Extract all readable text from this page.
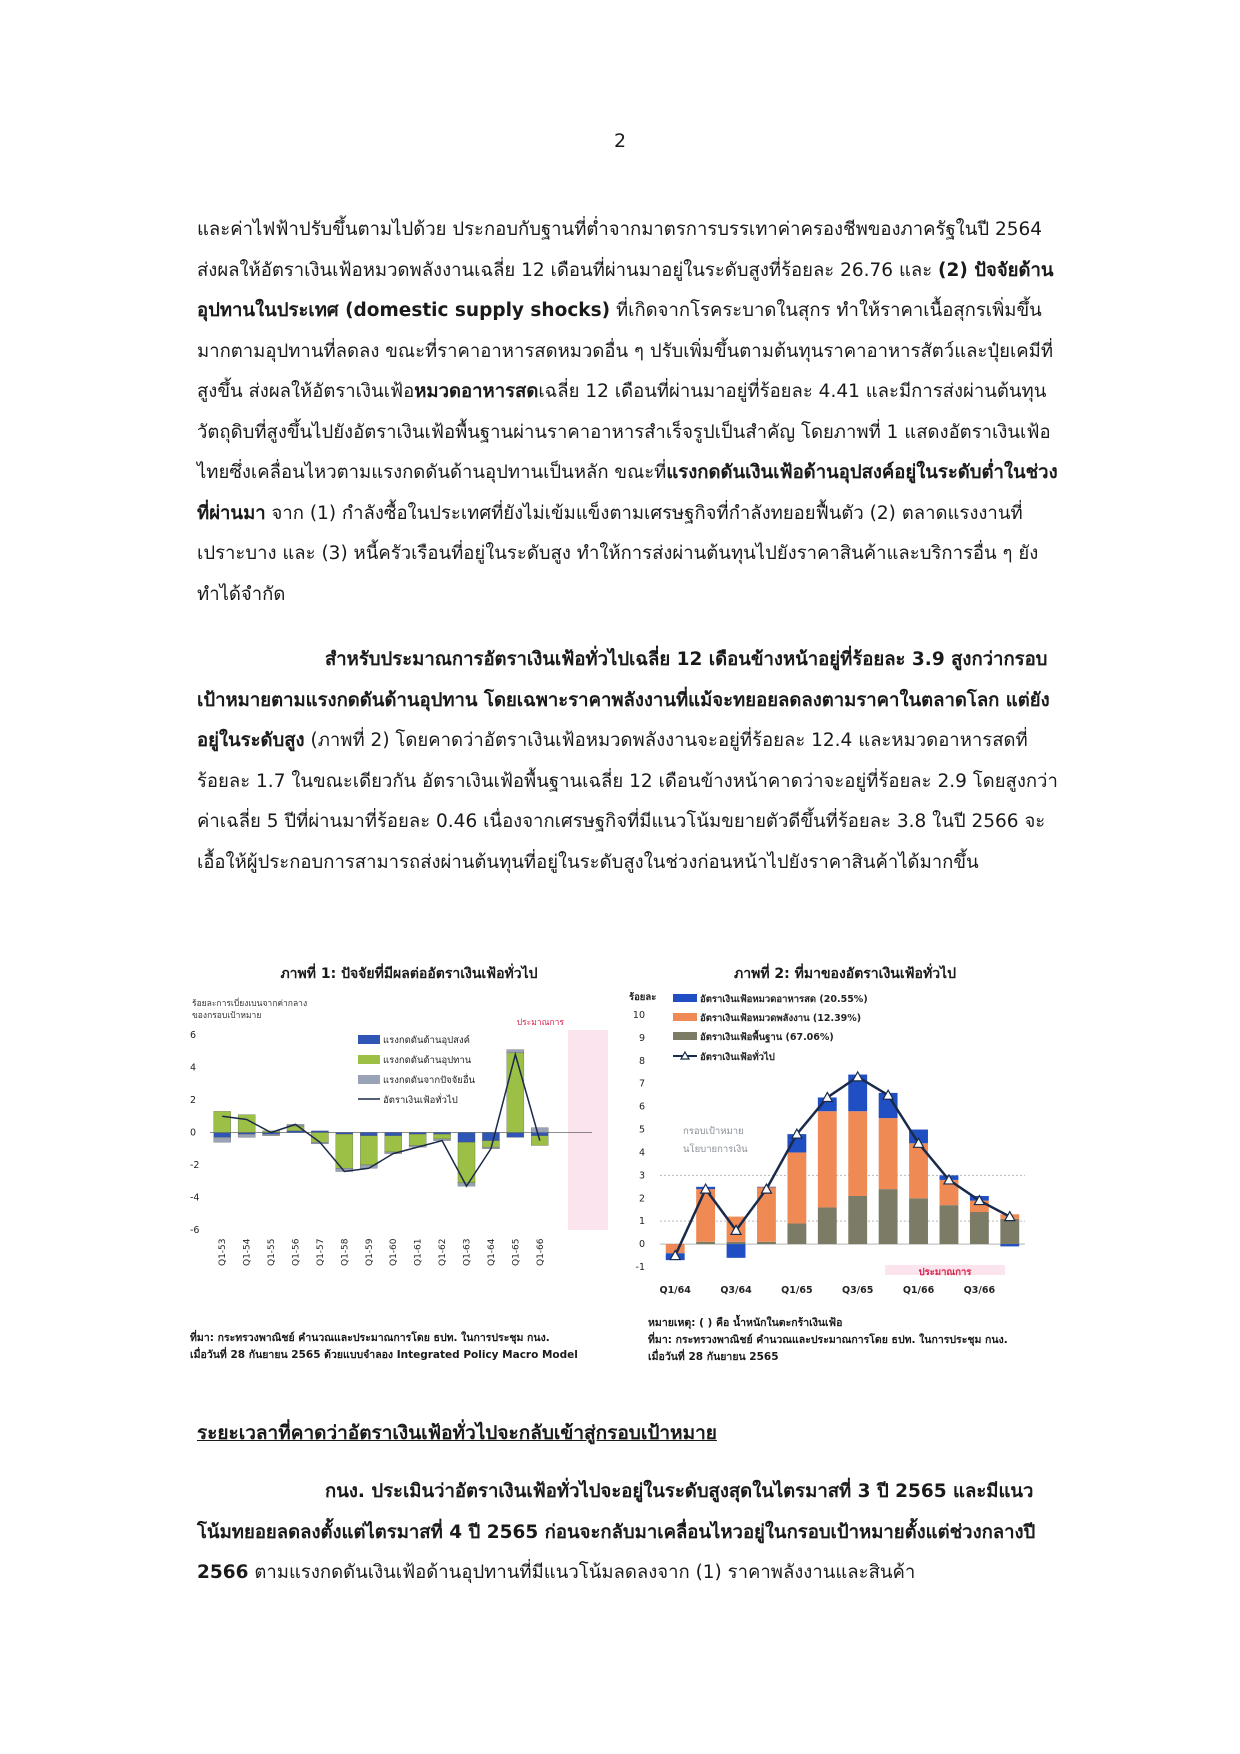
2
และค่าไฟฟ้าปรับขึ้นตามไปด้วย ประกอบกับฐานที่ต่ำจากมาตรการบรรเทาค่าครองชีพของภาครัฐในปี 2564 ส่งผลให้อัตราเงินเฟ้อหมวดพลังงานเฉลี่ย 12 เดือนที่ผ่านมาอยู่ในระดับสูงที่ร้อยละ 26.76 และ (2) ปัจจัยด้านอุปทานในประเทศ (domestic supply shocks) ที่เกิดจากโรคระบาดในสุกร ทำให้ราคาเนื้อสุกรเพิ่มขึ้นมากตามอุปทานที่ลดลง ขณะที่ราคาอาหารสดหมวดอื่น ๆ ปรับเพิ่มขึ้นตามต้นทุนราคาอาหารสัตว์และปุ๋ยเคมีที่สูงขึ้น ส่งผลให้อัตราเงินเฟ้อหมวดอาหารสดเฉลี่ย 12 เดือนที่ผ่านมาอยู่ที่ร้อยละ 4.41 และมีการส่งผ่านต้นทุนวัตถุดิบที่สูงขึ้นไปยังอัตราเงินเฟ้อพื้นฐานผ่านราคาอาหารสำเร็จรูปเป็นสำคัญ โดยภาพที่ 1 แสดงอัตราเงินเฟ้อไทยซึ่งเคลื่อนไหวตามแรงกดดันด้านอุปทานเป็นหลัก ขณะที่แรงกดดันเงินเฟ้อด้านอุปสงค์อยู่ในระดับต่ำในช่วงที่ผ่านมา จาก (1) กำลังซื้อในประเทศที่ยังไม่เข้มแข็งตามเศรษฐกิจที่กำลังทยอยฟื้นตัว (2) ตลาดแรงงานที่เปราะบาง และ (3) หนี้ครัวเรือนที่อยู่ในระดับสูง ทำให้การส่งผ่านต้นทุนไปยังราคาสินค้าและบริการอื่น ๆ ยังทำได้จำกัด
สำหรับประมาณการอัตราเงินเฟ้อทั่วไปเฉลี่ย 12 เดือนข้างหน้าอยู่ที่ร้อยละ 3.9 สูงกว่ากรอบเป้าหมายตามแรงกดดันด้านอุปทาน โดยเฉพาะราคาพลังงานที่แม้จะทยอยลดลงตามราคาในตลาดโลก แต่ยังอยู่ในระดับสูง (ภาพที่ 2) โดยคาดว่าอัตราเงินเฟ้อหมวดพลังงานจะอยู่ที่ร้อยละ 12.4 และหมวดอาหารสดที่ร้อยละ 1.7 ในขณะเดียวกัน อัตราเงินเฟ้อพื้นฐานเฉลี่ย 12 เดือนข้างหน้าคาดว่าจะอยู่ที่ร้อยละ 2.9 โดยสูงกว่าค่าเฉลี่ย 5 ปีที่ผ่านมาที่ร้อยละ 0.46 เนื่องจากเศรษฐกิจที่มีแนวโน้มขยายตัวดีขึ้นที่ร้อยละ 3.8 ในปี 2566 จะเอื้อให้ผู้ประกอบการสามารถส่งผ่านต้นทุนที่อยู่ในระดับสูงในช่วงก่อนหน้าไปยังราคาสินค้าได้มากขึ้น
ภาพที่ 1: ปัจจัยที่มีผลต่ออัตราเงินเฟ้อทั่วไป
ร้อยละการเบี่ยงเบนจากค่ากลาง
ของกรอบเป้าหมาย
ประมาณการ
-6
-4
-2
0
2
4
6
Q1-53 Q1-54 Q1-55 Q1-56 Q1-57 Q1-58 Q1-59 Q1-60 Q1-61 Q1-62 Q1-63 Q1-64 Q1-65 Q1-66
แรงกดดันด้านอุปสงค์
แรงกดดันด้านอุปทาน
แรงกดดันจากปัจจัยอื่น
อัตราเงินเฟ้อทั่วไป
ที่มา: กระทรวงพาณิชย์ คำนวณและประมาณการโดย ธปท. ในการประชุม กนง.
เมื่อวันที่ 28 กันยายน 2565 ด้วยแบบจำลอง Integrated Policy Macro Model
ภาพที่ 2: ที่มาของอัตราเงินเฟ้อทั่วไป
ร้อยละ
ประมาณการ
-1
0
1
2
3
4
5
6
7
8
9
10
กรอบเป้าหมาย
นโยบายการเงิน
Q1/64	Q3/64	Q1/65	Q3/65	Q1/66	Q3/66
อัตราเงินเฟ้อหมวดอาหารสด (20.55%)
อัตราเงินเฟ้อหมวดพลังงาน (12.39%)
อัตราเงินเฟ้อพื้นฐาน (67.06%)
อัตราเงินเฟ้อทั่วไป
หมายเหตุ: ( ) คือ น้ำหนักในตะกร้าเงินเฟ้อ
ที่มา: กระทรวงพาณิชย์ คำนวณและประมาณการโดย ธปท. ในการประชุม กนง.
เมื่อวันที่ 28 กันยายน 2565
ระยะเวลาที่คาดว่าอัตราเงินเฟ้อทั่วไปจะกลับเข้าสู่กรอบเป้าหมาย
กนง. ประเมินว่าอัตราเงินเฟ้อทั่วไปจะอยู่ในระดับสูงสุดในไตรมาสที่ 3 ปี 2565 และมีแนวโน้มทยอยลดลงตั้งแต่ไตรมาสที่ 4 ปี 2565 ก่อนจะกลับมาเคลื่อนไหวอยู่ในกรอบเป้าหมายตั้งแต่ช่วงกลางปี 2566 ตามแรงกดดันเงินเฟ้อด้านอุปทานที่มีแนวโน้มลดลงจาก (1) ราคาพลังงานและสินค้า
